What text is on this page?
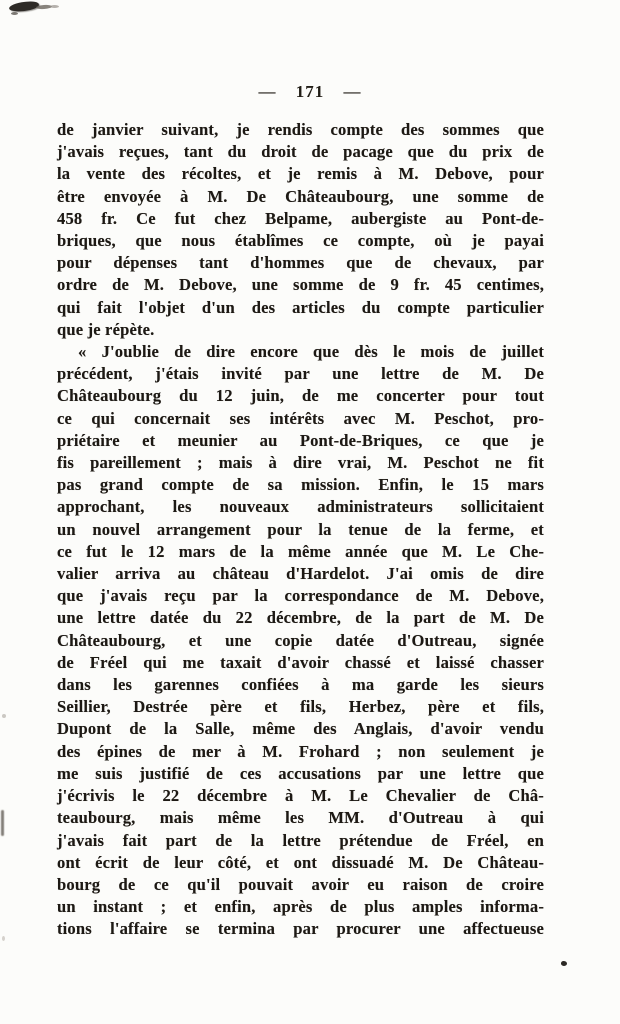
— 171 —
de janvier suivant, je rendis compte des sommes que
j'avais reçues, tant du droit de pacage que du prix de
la vente des récoltes, et je remis à M. Debove, pour
être envoyée à M. De Châteaubourg, une somme de
458 fr. Ce fut chez Belpame, aubergiste au Pont-de-
briques, que nous établîmes ce compte, où je payai
pour dépenses tant d'hommes que de chevaux, par
ordre de M. Debove, une somme de 9 fr. 45 centimes,
qui fait l'objet d'un des articles du compte particulier
que je répète.
« J'oublie de dire encore que dès le mois de juillet
précédent, j'étais invité par une lettre de M. De
Châteaubourg du 12 juin, de me concerter pour tout
ce qui concernait ses intérêts avec M. Peschot, pro-
priétaire et meunier au Pont-de-Briques, ce que je
fis pareillement ; mais à dire vrai, M. Peschot ne fit
pas grand compte de sa mission. Enfin, le 15 mars
approchant, les nouveaux administrateurs sollicitaient
un nouvel arrangement pour la tenue de la ferme, et
ce fut le 12 mars de la même année que M. Le Che-
valier arriva au château d'Hardelot. J'ai omis de dire
que j'avais reçu par la correspondance de M. Debove,
une lettre datée du 22 décembre, de la part de M. De
Châteaubourg, et une copie datée d'Outreau, signée
de Fréel qui me taxait d'avoir chassé et laissé chasser
dans les garennes confiées à ma garde les sieurs
Seillier, Destrée père et fils, Herbez, père et fils,
Dupont de la Salle, même des Anglais, d'avoir vendu
des épines de mer à M. Frohard ; non seulement je
me suis justifié de ces accusations par une lettre que
j'écrivis le 22 décembre à M. Le Chevalier de Châ-
teaubourg, mais même les MM. d'Outreau à qui
j'avais fait part de la lettre prétendue de Fréel, en
ont écrit de leur côté, et ont dissuadé M. De Château-
bourg de ce qu'il pouvait avoir eu raison de croire
un instant ; et enfin, après de plus amples informa-
tions l'affaire se termina par procurer une affectueuse
